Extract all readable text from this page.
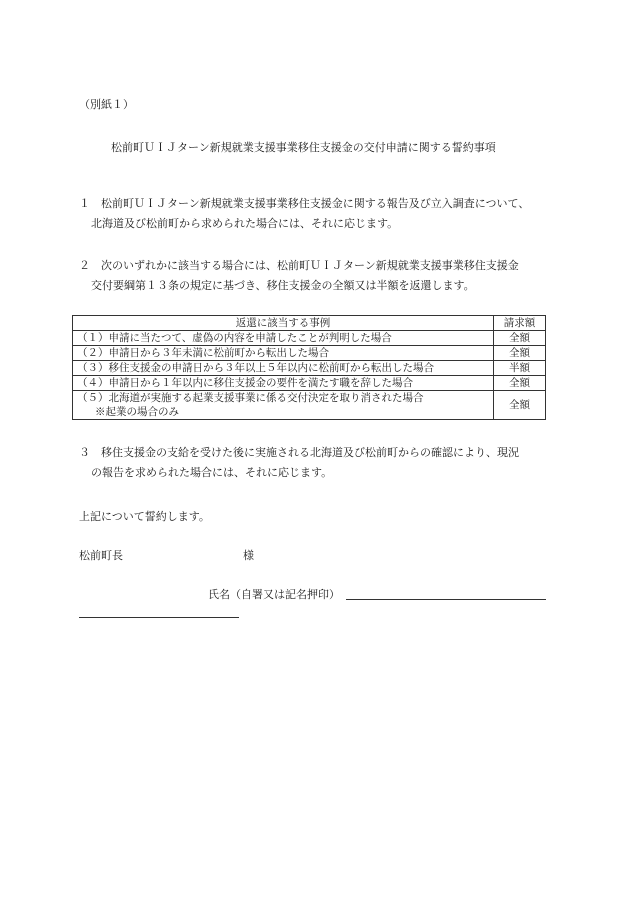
（別紙１）
松前町ＵＩＪターン新規就業支援事業移住支援金の交付申請に関する誓約事項
１ 松前町ＵＩＪターン新規就業支援事業移住支援金に関する報告及び立入調査について、
北海道及び松前町から求められた場合には、それに応じます。
２ 次のいずれかに該当する場合には、松前町ＵＩＪターン新規就業支援事業移住支援金
交付要綱第１３条の規定に基づき、移住支援金の全額又は半額を返還します。
返還に該当する事例	請求額
（１）申請に当たつて、虚偽の内容を申請したことが判明した場合	全額
（２）申請日から３年未満に松前町から転出した場合	全額
（３）移住支援金の申請日から３年以上５年以内に松前町から転出した場合	半額
（４）申請日から１年以内に移住支援金の要件を満たす職を辞した場合	全額

（５）北海道が実施する起業支援事業に係る交付決定を取り消された場合
※起業の場合のみ	全額
３ 移住支援金の支給を受けた後に実施される北海道及び松前町からの確認により、現況
の報告を求められた場合には、それに応じます。
上記について誓約します。
松前町長	様
氏名（自署又は記名押印）
